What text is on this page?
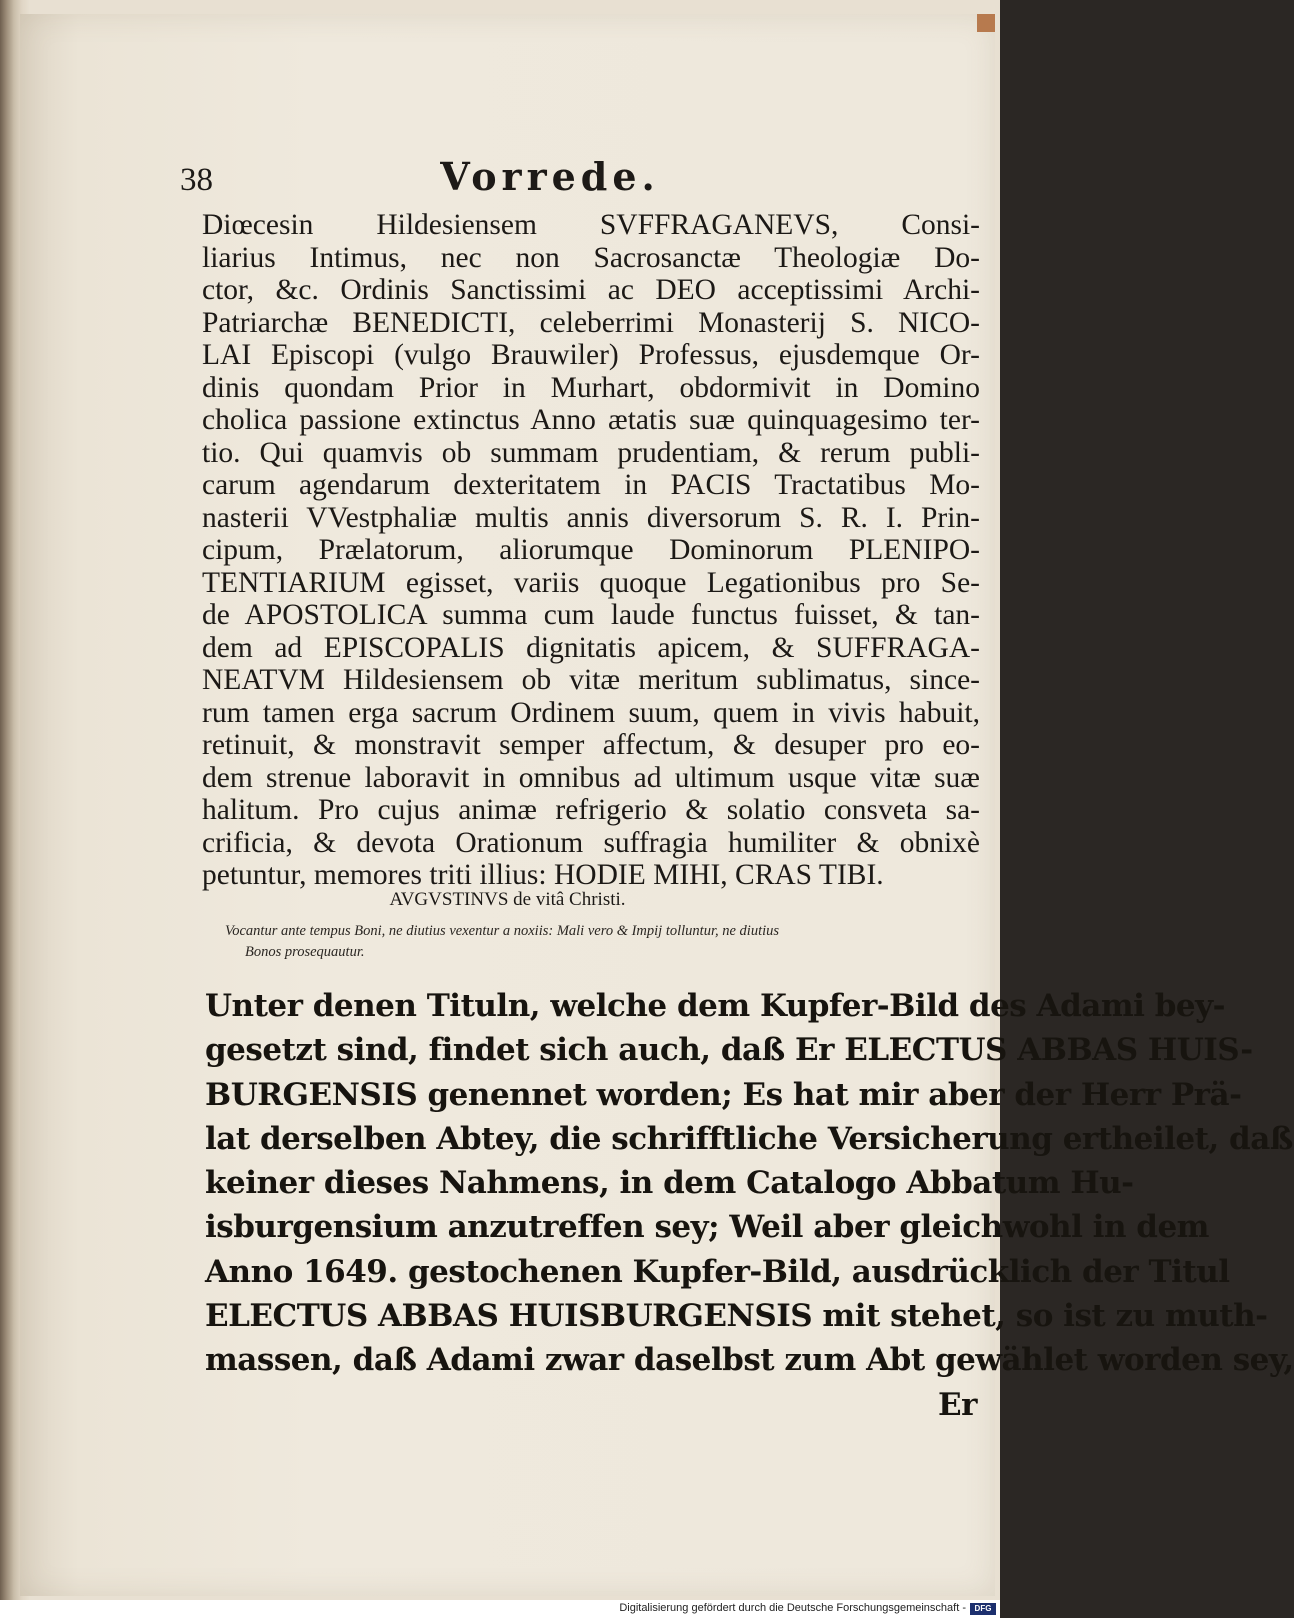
38	Vorrede.
Diœcesin Hildesiensem SVFFRAGANEVS, Consi-
liarius Intimus, nec non Sacrosanctæ Theologiæ Do-
ctor, &c. Ordinis Sanctissimi ac DEO acceptissimi Archi-
Patriarchæ BENEDICTI, celeberrimi Monasterij S. NICO-
LAI Episcopi (vulgo Brauwiler) Professus, ejusdemque Or-
dinis quondam Prior in Murhart, obdormivit in Domino
cholica passione extinctus Anno ætatis suæ quinquagesimo ter-
tio. Qui quamvis ob summam prudentiam, & rerum publi-
carum agendarum dexteritatem in PACIS Tractatibus Mo-
nasterii VVestphaliæ multis annis diversorum S. R. I. Prin-
cipum, Prælatorum, aliorumque Dominorum PLENIPO-
TENTIARIUM egisset, variis quoque Legationibus pro Se-
de APOSTOLICA summa cum laude functus fuisset, & tan-
dem ad EPISCOPALIS dignitatis apicem, & SUFFRAGA-
NEATVM Hildesiensem ob vitæ meritum sublimatus, since-
rum tamen erga sacrum Ordinem suum, quem in vivis habuit,
retinuit, & monstravit semper affectum, & desuper pro eo-
dem strenue laboravit in omnibus ad ultimum usque vitæ suæ
halitum. Pro cujus animæ refrigerio & solatio consveta sa-
crificia, & devota Orationum suffragia humiliter & obnixè
petuntur, memores triti illius: HODIE MIHI, CRAS TIBI.
AVGVSTINVS de vitâ Christi.
Vocantur ante tempus Boni, ne diutius vexentur a noxiis: Mali vero & Impij tolluntur, ne diutius
Bonos prosequautur.
Unter denen Tituln, welche dem Kupfer-Bild des Adami bey-
gesetzt sind, findet sich auch, daß Er ELECTUS ABBAS HUIS-
BURGENSIS genennet worden; Es hat mir aber der Herr Prä-
lat derselben Abtey, die schrifftliche Versicherung ertheilet, daß
keiner dieses Nahmens, in dem Catalogo Abbatum Hu-
isburgensium anzutreffen sey; Weil aber gleichwohl in dem
Anno 1649. gestochenen Kupfer-Bild, ausdrücklich der Titul
ELECTUS ABBAS HUISBURGENSIS mit stehet, so ist zu muth-
massen, daß Adami zwar daselbst zum Abt gewählet worden sey,
Er
Digitalisierung gefördert durch die Deutsche Forschungsgemeinschaft -	DFG
